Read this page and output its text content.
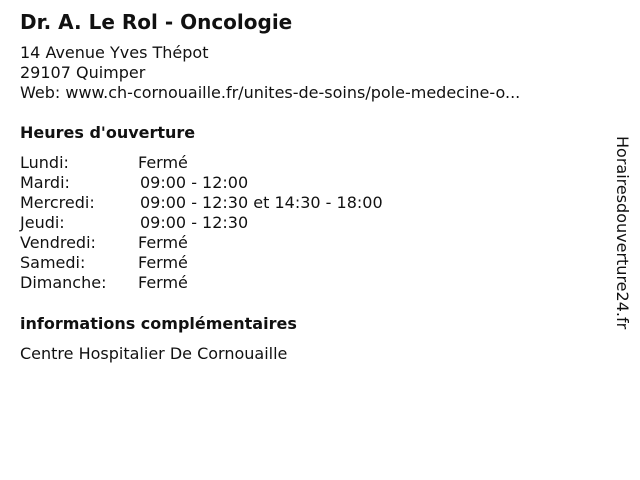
Dr. A. Le Rol - Oncologie
14 Avenue Yves Thépot
29107 Quimper
Web: www.ch-cornouaille.fr/unites-de-soins/pole-medecine-o...
Heures d'ouverture
Lundi:	Fermé
Mardi:	09:00 - 12:00
Mercredi:	09:00 - 12:30 et 14:30 - 18:00
Jeudi:	09:00 - 12:30
Vendredi:	Fermé
Samedi:	Fermé
Dimanche: Fermé
informations complémentaires
Centre Hospitalier De Cornouaille
Horairesdouverture24.fr
